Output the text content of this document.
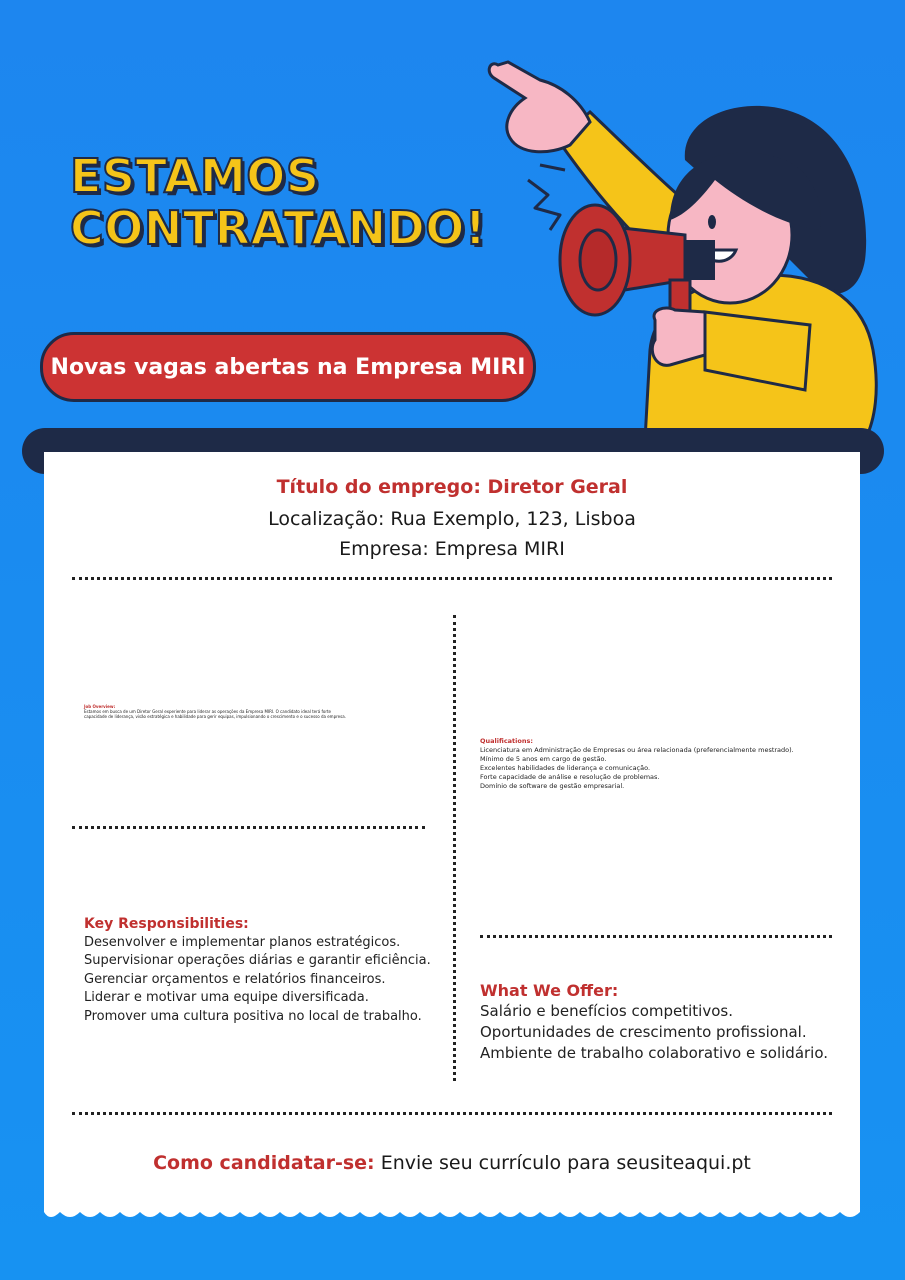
ESTAMOS
CONTRATANDO!
Novas vagas abertas na Empresa MIRI
Título do emprego: Diretor Geral
Localização: Rua Exemplo, 123, Lisboa
Empresa: Empresa MIRI

Job Overview:

Estamos em busca de um Diretor Geral experiente para liderar as operações da Empresa MIRI. O candidato ideal terá forte capacidade de liderança, visão estratégica e habilidade para gerir equipas, impulsionando o crescimento e o sucesso da empresa.

Qualifications:

Licenciatura em Administração de Empresas ou área relacionada (preferencialmente mestrado).

Mínimo de 5 anos em cargo de gestão.

Excelentes habilidades de liderança e comunicação.

Forte capacidade de análise e resolução de problemas.

Domínio de software de gestão empresarial.

Key Responsibilities:

Desenvolver e implementar planos estratégicos.

Supervisionar operações diárias e garantir eficiência.

Gerenciar orçamentos e relatórios financeiros.

Liderar e motivar uma equipe diversificada.

Promover uma cultura positiva no local de trabalho.

What We Offer:

Salário e benefícios competitivos.

Oportunidades de crescimento profissional.

Ambiente de trabalho colaborativo e solidário.

Como candidatar-se: Envie seu currículo para seusiteaqui.pt
